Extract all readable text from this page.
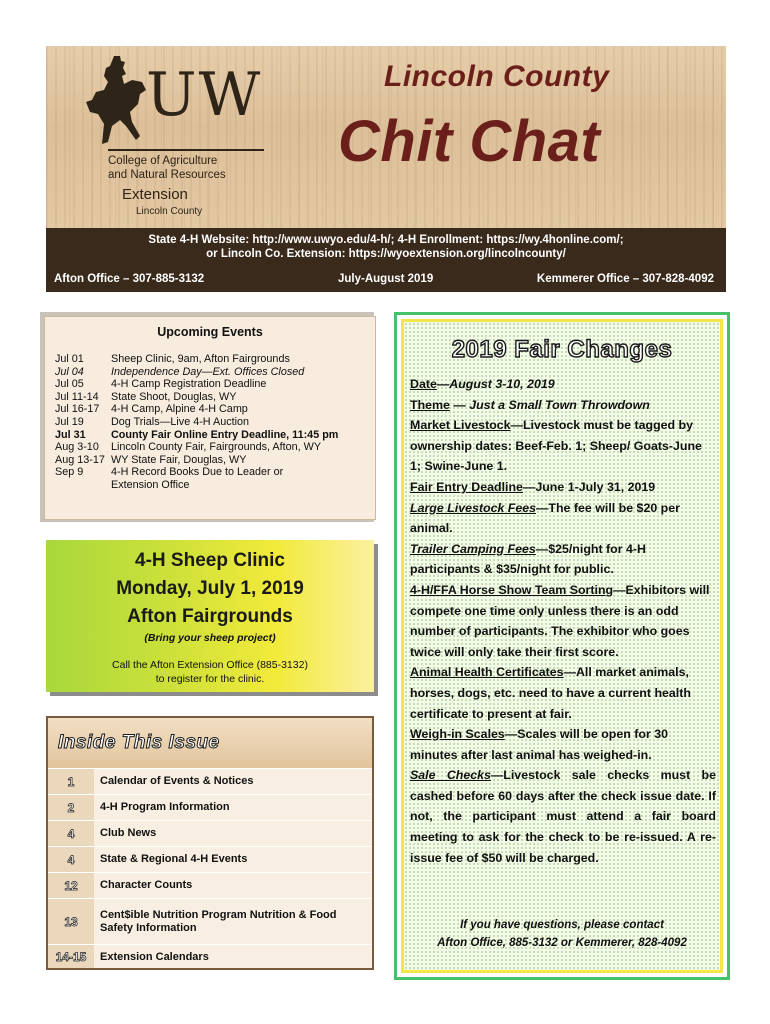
UW
College of Agriculture and Natural Resources
Extension
Lincoln County
Lincoln County
Chit Chat
State 4-H Website: http://www.uwyo.edu/4-h/; 4-H Enrollment: https://wy.4honline.com/;
or Lincoln Co. Extension: https://wyoextension.org/lincolncounty/
Afton Office – 307-885-3132	July-August 2019	Kemmerer Office – 307-828-4092
Upcoming Events
Jul 01	Sheep Clinic, 9am, Afton Fairgrounds
Jul 04	Independence Day—Ext. Offices Closed
Jul 05	4-H Camp Registration Deadline
Jul 11-14	State Shoot, Douglas, WY
Jul 16-17	4-H Camp, Alpine 4-H Camp
Jul 19	Dog Trials—Live 4-H Auction
Jul 31	County Fair Online Entry Deadline, 11:45 pm
Aug 3-10	Lincoln County Fair, Fairgrounds, Afton, WY
Aug 13-17 WY State Fair, Douglas, WY
Sep 9	4-H Record Books Due to Leader or
Extension Office
4-H Sheep Clinic
Monday, July 1, 2019
Afton Fairgrounds
(Bring your sheep project)
Call the Afton Extension Office (885-3132)
to register for the clinic.
Inside This Issue
1	Calendar of Events & Notices
2	4-H Program Information
4	Club News
4	State & Regional 4-H Events
12	Character Counts
13	Cent$ible Nutrition Program Nutrition & Food Safety Information
14-15	Extension Calendars
2019 Fair Changes

Date—August 3-10, 2019

Theme — Just a Small Town Throwdown

Market Livestock—Livestock must be tagged by ownership dates: Beef-Feb. 1; Sheep/ Goats-June 1; Swine-June 1.

Fair Entry Deadline—June 1-July 31, 2019

Large Livestock Fees—The fee will be $20 per animal.

Trailer Camping Fees—$25/night for 4-H participants & $35/night for public.

4-H/FFA Horse Show Team Sorting—Exhibitors will compete one time only unless there is an odd number of participants. The exhibitor who goes twice will only take their first score.

Animal Health Certificates—All market animals, horses, dogs, etc. need to have a current health certificate to present at fair.

Weigh-in Scales—Scales will be open for 30 minutes after last animal has weighed-in.

Sale Checks—Livestock sale checks must be cashed before 60 days after the check issue date. If not, the participant must attend a fair board meeting to ask for the check to be re-issued. A re-issue fee of $50 will be charged.

If you have questions, please contact
Afton Office, 885-3132 or Kemmerer, 828-4092
